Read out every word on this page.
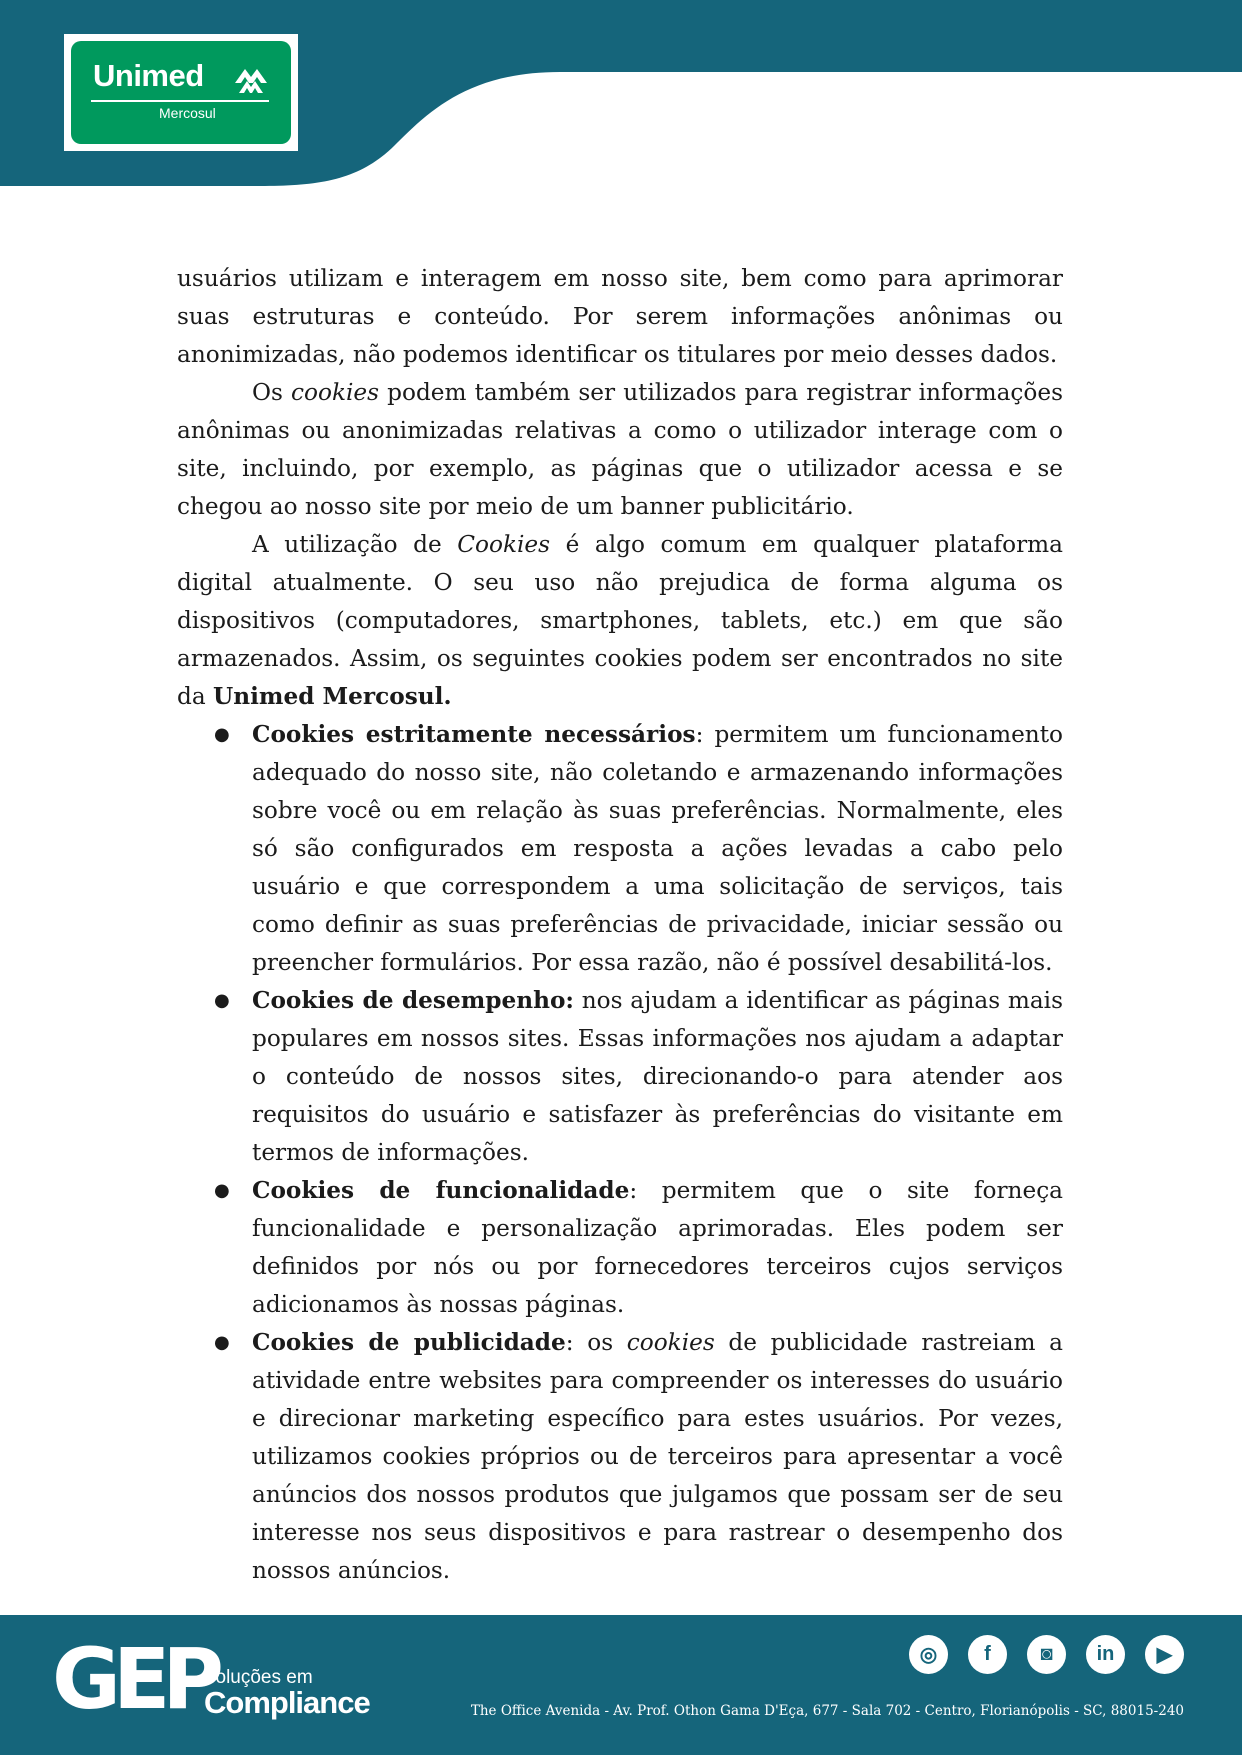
Unimed
Mercosul

usuários utilizam e interagem em nosso site, bem como para aprimorar suas estruturas e conteúdo. Por serem informações anônimas ou anonimizadas, não podemos identificar os titulares por meio desses dados.

Os cookies podem também ser utilizados para registrar informações anônimas ou anonimizadas relativas a como o utilizador interage com o site, incluindo, por exemplo, as páginas que o utilizador acessa e se chegou ao nosso site por meio de um banner publicitário.

A utilização de Cookies é algo comum em qualquer plataforma digital atualmente. O seu uso não prejudica de forma alguma os dispositivos (computadores, smartphones, tablets, etc.) em que são armazenados. Assim, os seguintes cookies podem ser encontrados no site da Unimed Mercosul.

● Cookies estritamente necessários: permitem um funcionamento adequado do nosso site, não coletando e armazenando informações sobre você ou em relação às suas preferências. Normalmente, eles só são configurados em resposta a ações levadas a cabo pelo usuário e que correspondem a uma solicitação de serviços, tais como definir as suas preferências de privacidade, iniciar sessão ou preencher formulários. Por essa razão, não é possível desabilitá-los.
● Cookies de desempenho: nos ajudam a identificar as páginas mais populares em nossos sites. Essas informações nos ajudam a adaptar o conteúdo de nossos sites, direcionando-o para atender aos requisitos do usuário e satisfazer às preferências do visitante em termos de informações.
● Cookies de funcionalidade: permitem que o site forneça funcionalidade e personalização aprimoradas. Eles podem ser definidos por nós ou por fornecedores terceiros cujos serviços adicionamos às nossas páginas.
● Cookies de publicidade: os cookies de publicidade rastreiam a atividade entre websites para compreender os interesses do usuário e direcionar marketing específico para estes usuários. Por vezes, utilizamos cookies próprios ou de terceiros para apresentar a você anúncios dos nossos produtos que julgamos que possam ser de seu interesse nos seus dispositivos e para rastrear o desempenho dos nossos anúncios.
GEP
soluções em
Compliance
◎	f	◙	in	▶
The Office Avenida - Av. Prof. Othon Gama D'Eça, 677 - Sala 702 - Centro, Florianópolis - SC, 88015-240
